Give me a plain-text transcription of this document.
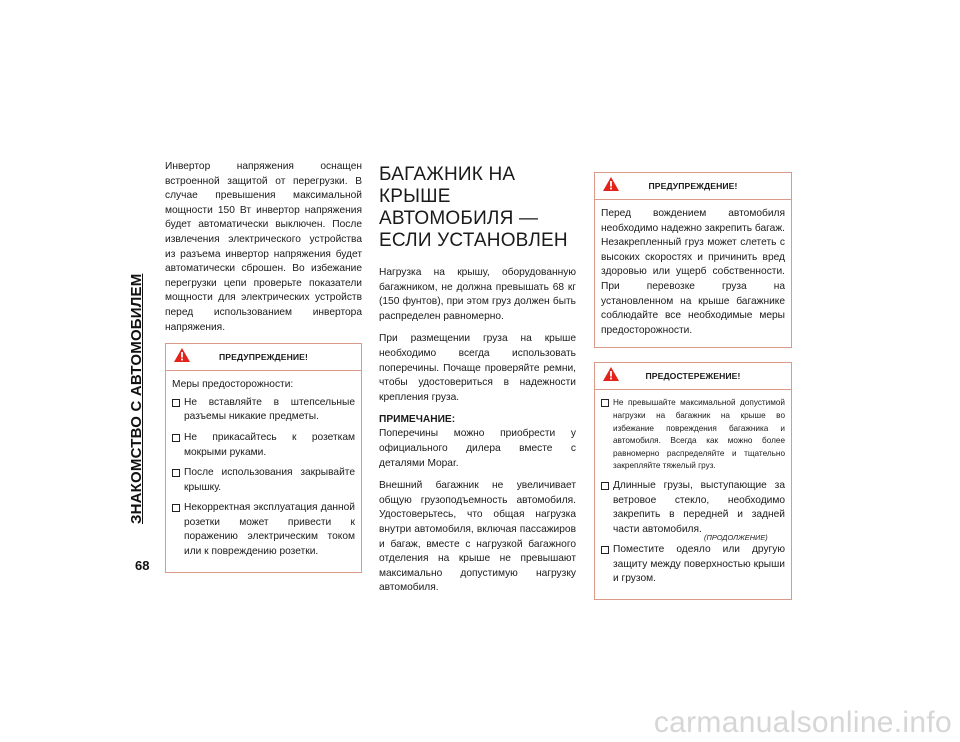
ЗНАКОМСТВО С АВТОМОБИЛЕМ
68

Инвертор напряжения оснащен встроенной защитой от перегрузки. В случае превышения максимальной мощности 150 Вт инвертор напряжения будет автоматически выключен. После извлечения электрического устройства из разъема инвертор напряжения будет автоматически сброшен. Во избежание перегрузки цепи проверьте показатели мощности для электрических устройств перед использованием инвертора напряжения.

ПРЕДУПРЕЖДЕНИЕ!

Меры предосторожности:

Не вставляйте в штепсельные разъемы никакие предметы.
Не прикасайтесь к розеткам мокрыми руками.
После использования закрывайте крышку.
Некорректная эксплуатация данной розетки может привести к поражению электрическим током или к повреждению розетки.
БАГАЖНИК НА КРЫШЕ АВТОМОБИЛЯ — ЕСЛИ УСТАНОВЛЕН

Нагрузка на крышу, оборудованную багажником, не должна превышать 68 кг (150 фунтов), при этом груз должен быть распределен равномерно.

При размещении груза на крыше необходимо всегда использовать поперечины. Почаще проверяйте ремни, чтобы удостовериться в надежности крепления груза.

ПРИМЕЧАНИЕ:

Поперечины можно приобрести у официального дилера вместе с деталями Mopar.

Внешний багажник не увеличивает общую грузоподъемность автомобиля. Удостоверьтесь, что общая нагрузка внутри автомобиля, включая пассажиров и багаж, вместе с нагрузкой багажного отделения на крыше не превышают максимально допустимую нагрузку автомобиля.

ПРЕДУПРЕЖДЕНИЕ!

Перед вождением автомобиля необходимо надежно закрепить багаж. Незакрепленный груз может слететь с высоких скоростях и причинить вред здоровью или ущерб собственности. При перевозке груза на установленном на крыше багажнике соблюдайте все необходимые меры предосторожности.

ПРЕДОСТЕРЕЖЕНИЕ!
Не превышайте максимальной допустимой нагрузки на багажник на крыше во избежание повреждения багажника и автомобиля. Всегда как можно более равномерно распределяйте и тщательно закрепляйте тяжелый груз.
Длинные грузы, выступающие за ветровое стекло, необходимо закрепить в передней и задней части автомобиля.
Поместите одеяло или другую защиту между поверхностью крыши и грузом.
(ПРОДОЛЖЕНИЕ)
carmanualsonline.info
